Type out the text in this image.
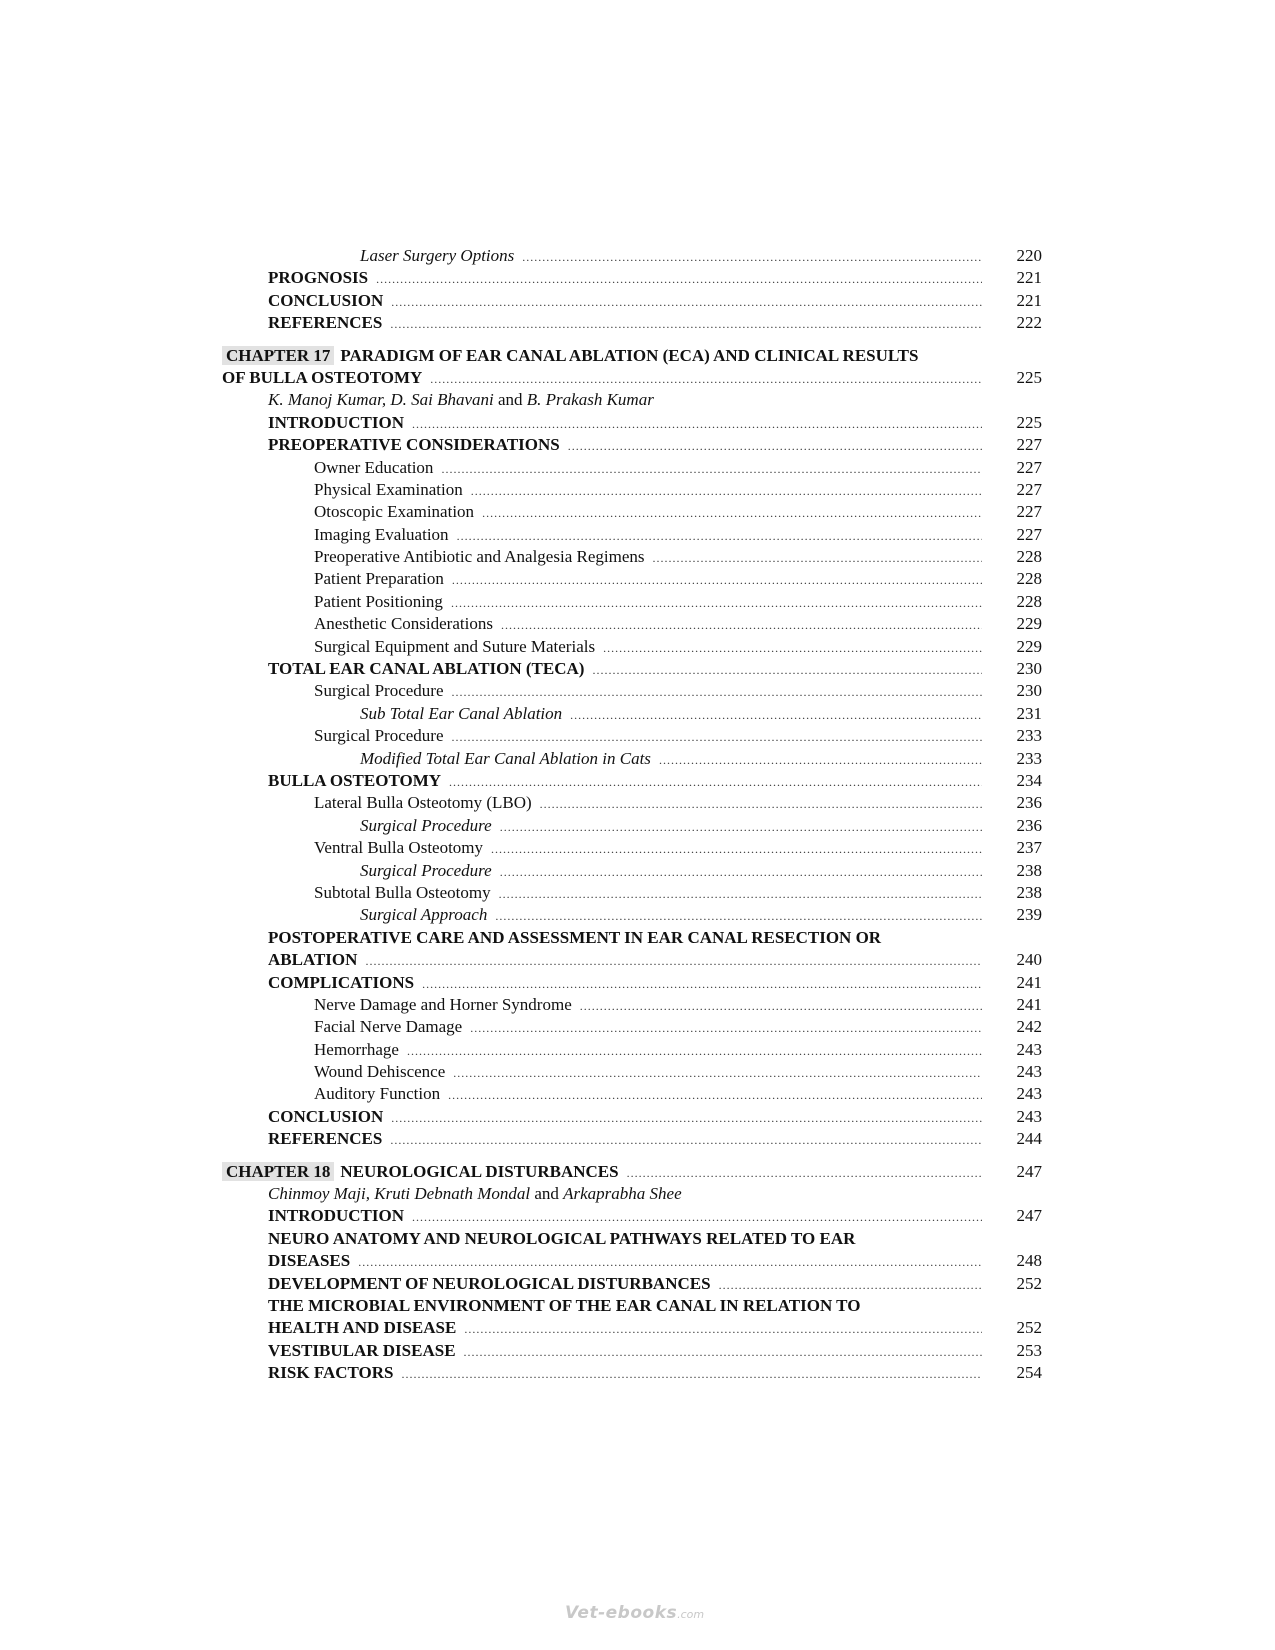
Laser Surgery Options .....	220
PROGNOSIS .....	221
CONCLUSION .....	221
REFERENCES .....	222
CHAPTER 17 PARADIGM OF EAR CANAL ABLATION (ECA) AND CLINICAL RESULTS
OF BULLA OSTEOTOMY .....	225
K. Manoj Kumar, D. Sai Bhavani and B. Prakash Kumar
INTRODUCTION .....	225
PREOPERATIVE CONSIDERATIONS .....	227
Owner Education .....	227
Physical Examination .....	227
Otoscopic Examination .....	227
Imaging Evaluation .....	227
Preoperative Antibiotic and Analgesia Regimens .....	228
Patient Preparation .....	228
Patient Positioning .....	228
Anesthetic Considerations .....	229
Surgical Equipment and Suture Materials .....	229
TOTAL EAR CANAL ABLATION (TECA) .....	230
Surgical Procedure .....	230
Sub Total Ear Canal Ablation .....	231
Surgical Procedure .....	233
Modified Total Ear Canal Ablation in Cats .....	233
BULLA OSTEOTOMY .....	234
Lateral Bulla Osteotomy (LBO) .....	236
Surgical Procedure .....	236
Ventral Bulla Osteotomy .....	237
Surgical Procedure .....	238
Subtotal Bulla Osteotomy .....	238
Surgical Approach .....	239
POSTOPERATIVE CARE AND ASSESSMENT IN EAR CANAL RESECTION OR
ABLATION .....	240
COMPLICATIONS .....	241
Nerve Damage and Horner Syndrome .....	241
Facial Nerve Damage .....	242
Hemorrhage .....	243
Wound Dehiscence .....	243
Auditory Function .....	243
CONCLUSION .....	243
REFERENCES .....	244
CHAPTER 18 NEUROLOGICAL DISTURBANCES .....	247
Chinmoy Maji, Kruti Debnath Mondal and Arkaprabha Shee
INTRODUCTION .....	247
NEURO ANATOMY AND NEUROLOGICAL PATHWAYS RELATED TO EAR
DISEASES .....	248
DEVELOPMENT OF NEUROLOGICAL DISTURBANCES .....	252
THE MICROBIAL ENVIRONMENT OF THE EAR CANAL IN RELATION TO
HEALTH AND DISEASE .....	252
VESTIBULAR DISEASE .....	253
RISK FACTORS .....	254
Vet-ebooks.com
